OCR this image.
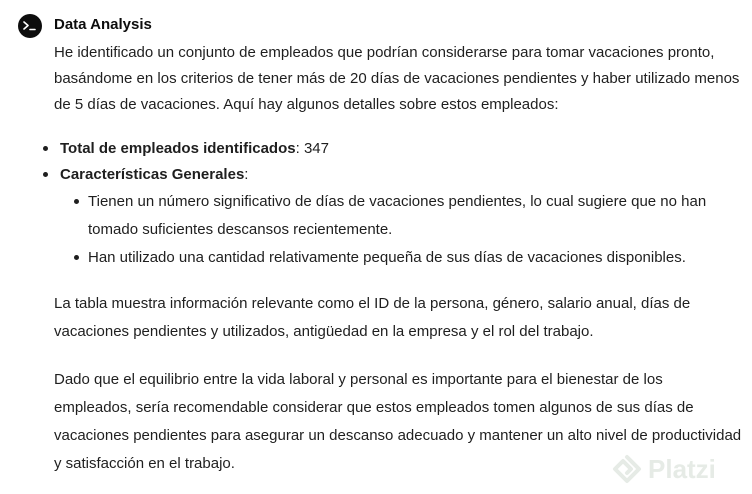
Data Analysis

He identificado un conjunto de empleados que podrían considerarse para tomar vacaciones pronto, basándome en los criterios de tener más de 20 días de vacaciones pendientes y haber utilizado menos de 5 días de vacaciones. Aquí hay algunos detalles sobre estos empleados:

Total de empleados identificados: 347
Características Generales:
Tienen un número significativo de días de vacaciones pendientes, lo cual sugiere que no han tomado suficientes descansos recientemente.
Han utilizado una cantidad relativamente pequeña de sus días de vacaciones disponibles.

La tabla muestra información relevante como el ID de la persona, género, salario anual, días de vacaciones pendientes y utilizados, antigüedad en la empresa y el rol del trabajo.

Dado que el equilibrio entre la vida laboral y personal es importante para el bienestar de los empleados, sería recomendable considerar que estos empleados tomen algunos de sus días de vacaciones pendientes para asegurar un descanso adecuado y mantener un alto nivel de productividad y satisfacción en el trabajo.	Platzi
